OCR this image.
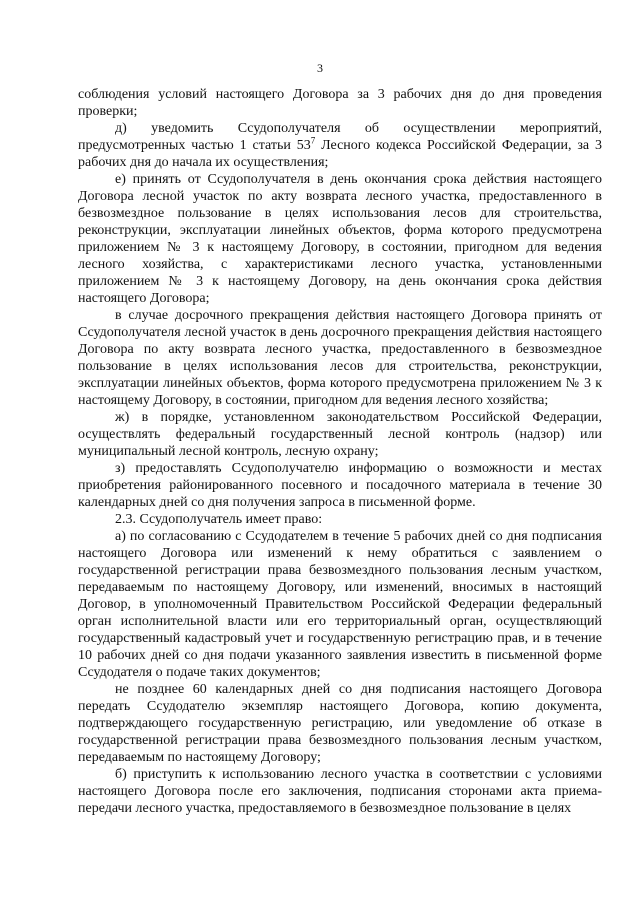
3

соблюдения условий настоящего Договора за 3 рабочих дня до дня проведения проверки;

д) уведомить Ссудополучателя об осуществлении мероприятий, предусмотренных частью 1 статьи $53^7$ Лесного кодекса Российской Федерации, за 3 рабочих дня до начала их осуществления;

е) принять от Ссудополучателя в день окончания срока действия настоящего Договора лесной участок по акту возврата лесного участка, предоставленного в безвозмездное пользование в целях использования лесов для строительства, реконструкции, эксплуатации линейных объектов, форма которого предусмотрена приложением № 3 к настоящему Договору, в состоянии, пригодном для ведения лесного хозяйства, с характеристиками лесного участка, установленными приложением № 3 к настоящему Договору, на день окончания срока действия настоящего Договора;

в случае досрочного прекращения действия настоящего Договора принять от Ссудополучателя лесной участок в день досрочного прекращения действия настоящего Договора по акту возврата лесного участка, предоставленного в безвозмездное пользование в целях использования лесов для строительства, реконструкции, эксплуатации линейных объектов, форма которого предусмотрена приложением № 3 к настоящему Договору, в состоянии, пригодном для ведения лесного хозяйства;

ж) в порядке, установленном законодательством Российской Федерации, осуществлять федеральный государственный лесной контроль (надзор) или муниципальный лесной контроль, лесную охрану;

з) предоставлять Ссудополучателю информацию о возможности и местах приобретения районированного посевного и посадочного материала в течение 30 календарных дней со дня получения запроса в письменной форме.

2.3. Ссудополучатель имеет право:

а) по согласованию с Ссудодателем в течение 5 рабочих дней со дня подписания настоящего Договора или изменений к нему обратиться с заявлением о государственной регистрации права безвозмездного пользования лесным участком, передаваемым по настоящему Договору, или изменений, вносимых в настоящий Договор, в уполномоченный Правительством Российской Федерации федеральный орган исполнительной власти или его территориальный орган, осуществляющий государственный кадастровый учет и государственную регистрацию прав, и в течение 10 рабочих дней со дня подачи указанного заявления известить в письменной форме Ссудодателя о подаче таких документов;

не позднее 60 календарных дней со дня подписания настоящего Договора передать Ссудодателю экземпляр настоящего Договора, копию документа, подтверждающего государственную регистрацию, или уведомление об отказе в государственной регистрации права безвозмездного пользования лесным участком, передаваемым по настоящему Договору;

б) приступить к использованию лесного участка в соответствии с условиями настоящего Договора после его заключения, подписания сторонами акта приема-передачи лесного участка, предоставляемого в безвозмездное пользование в целях
